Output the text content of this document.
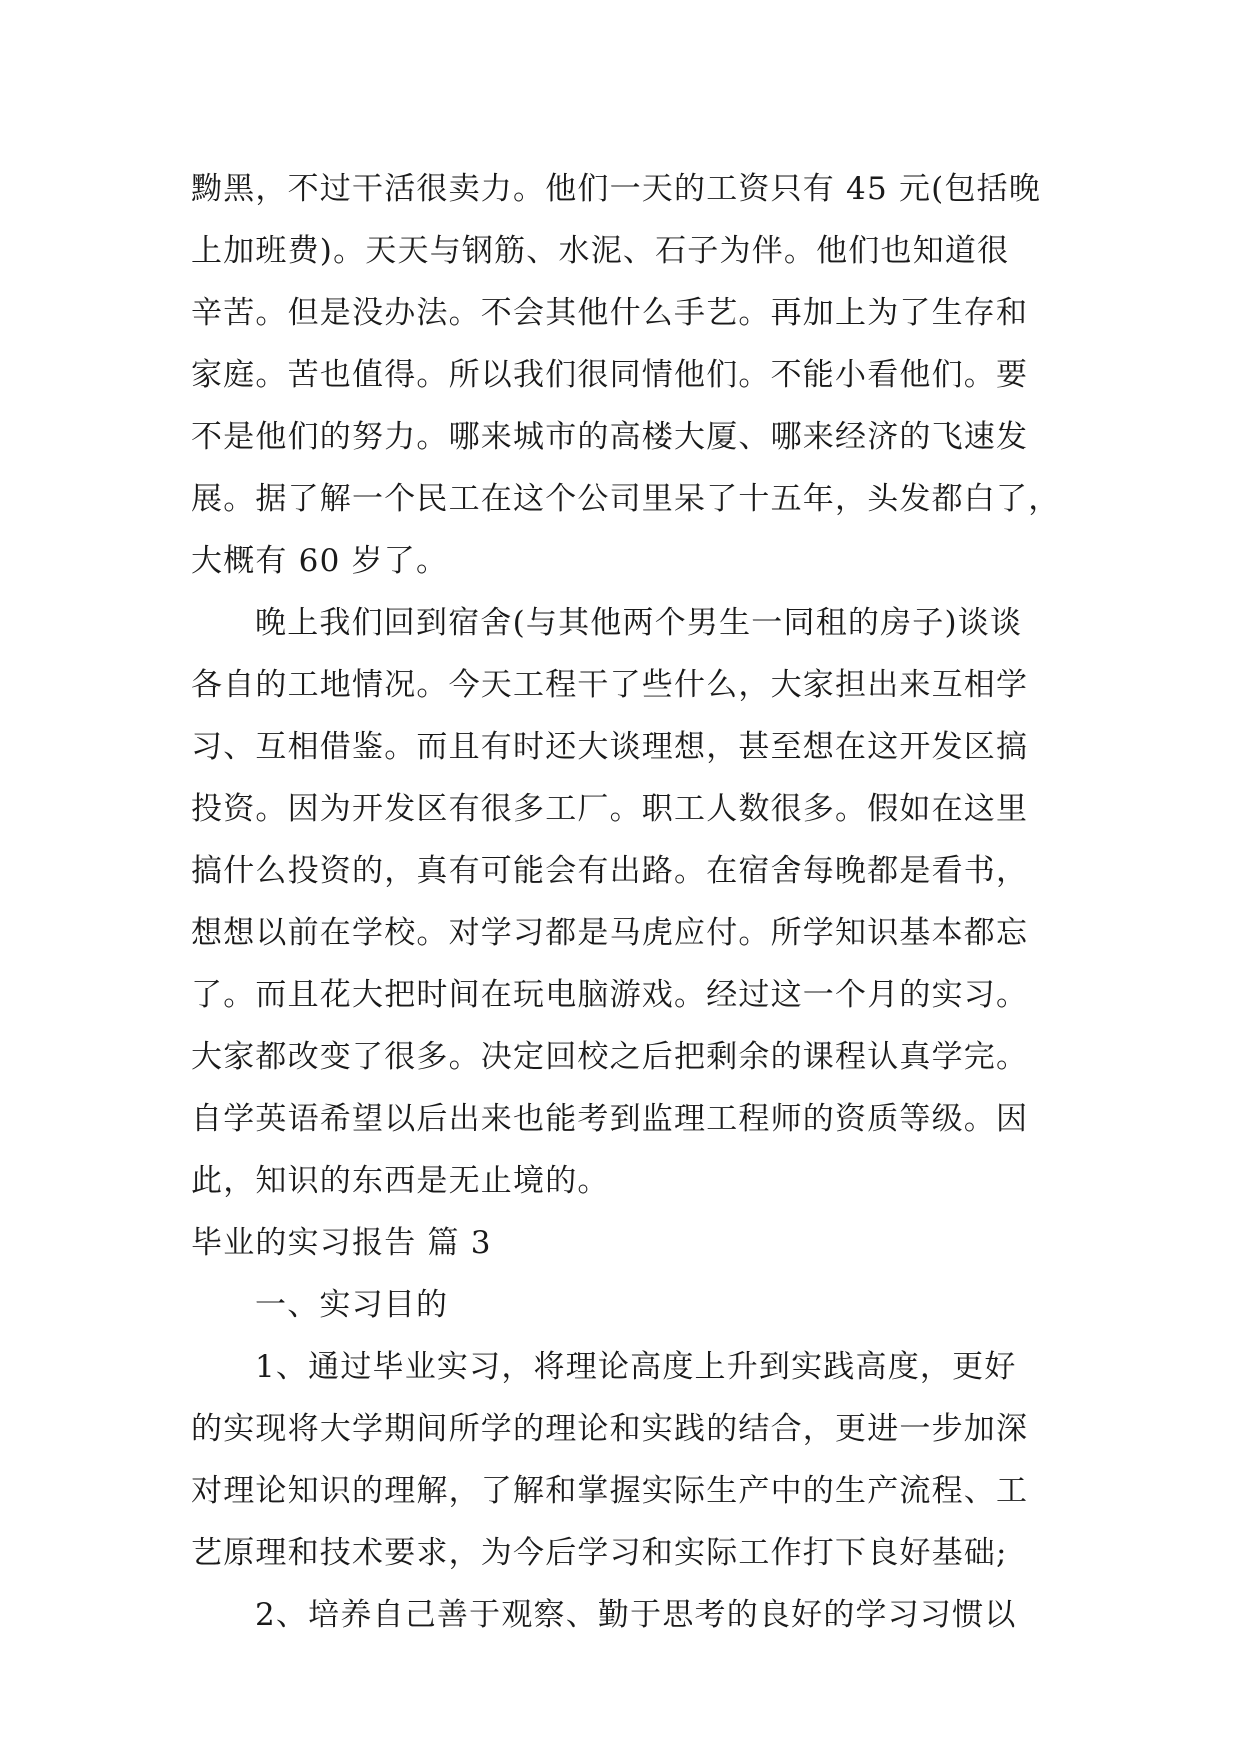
黝黑，不过干活很卖力。他们一天的工资只有 45 元(包括晚
上加班费)。天天与钢筋、水泥、石子为伴。他们也知道很
辛苦。但是没办法。不会其他什么手艺。再加上为了生存和
家庭。苦也值得。所以我们很同情他们。不能小看他们。要
不是他们的努力。哪来城市的高楼大厦、哪来经济的飞速发
展。据了解一个民工在这个公司里呆了十五年，头发都白了，
大概有 60 岁了。
晚上我们回到宿舍(与其他两个男生一同租的房子)谈谈
各自的工地情况。今天工程干了些什么，大家担出来互相学
习、互相借鉴。而且有时还大谈理想，甚至想在这开发区搞
投资。因为开发区有很多工厂。职工人数很多。假如在这里
搞什么投资的，真有可能会有出路。在宿舍每晚都是看书，
想想以前在学校。对学习都是马虎应付。所学知识基本都忘
了。而且花大把时间在玩电脑游戏。经过这一个月的实习。
大家都改变了很多。决定回校之后把剩余的课程认真学完。
自学英语希望以后出来也能考到监理工程师的资质等级。因
此，知识的东西是无止境的。
毕业的实习报告 篇 3
一、实习目的
1、通过毕业实习，将理论高度上升到实践高度，更好
的实现将大学期间所学的理论和实践的结合，更进一步加深
对理论知识的理解，了解和掌握实际生产中的生产流程、工
艺原理和技术要求，为今后学习和实际工作打下良好基础;
2、培养自己善于观察、勤于思考的良好的学习习惯以
